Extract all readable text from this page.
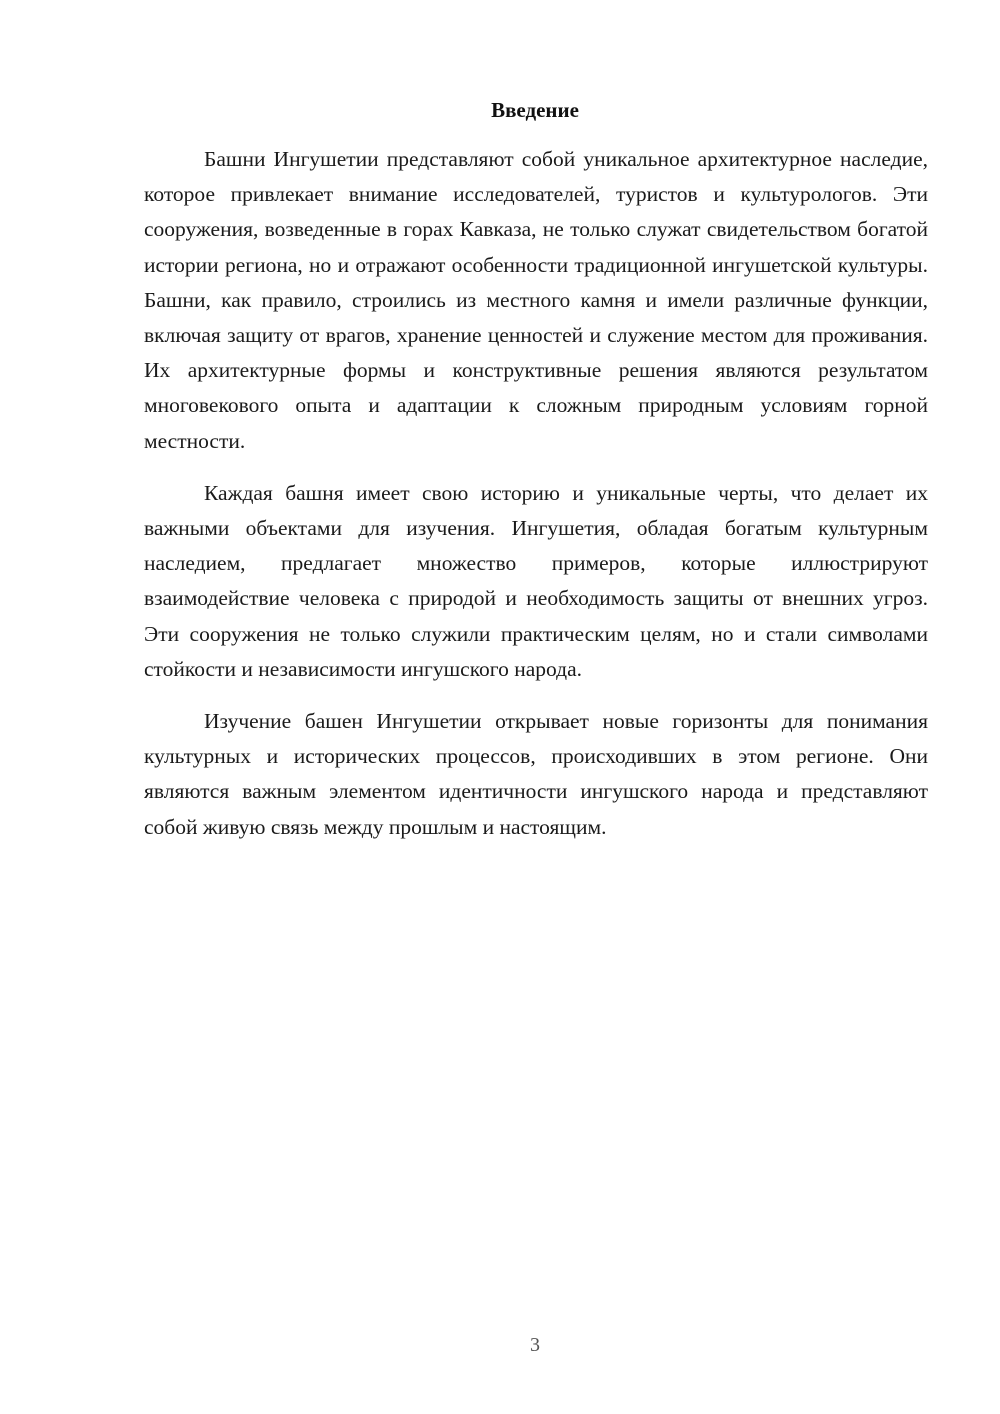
Введение

Башни Ингушетии представляют собой уникальное архитектурное наследие, которое привлекает внимание исследователей, туристов и культурологов. Эти сооружения, возведенные в горах Кавказа, не только служат свидетельством богатой истории региона, но и отражают особенности традиционной ингушетской культуры. Башни, как правило, строились из местного камня и имели различные функции, включая защиту от врагов, хранение ценностей и служение местом для проживания. Их архитектурные формы и конструктивные решения являются результатом многовекового опыта и адаптации к сложным природным условиям горной местности.

Каждая башня имеет свою историю и уникальные черты, что делает их важными объектами для изучения. Ингушетия, обладая богатым культурным наследием, предлагает множество примеров, которые иллюстрируют взаимодействие человека с природой и необходимость защиты от внешних угроз. Эти сооружения не только служили практическим целям, но и стали символами стойкости и независимости ингушского народа.

Изучение башен Ингушетии открывает новые горизонты для понимания культурных и исторических процессов, происходивших в этом регионе. Они являются важным элементом идентичности ингушского народа и представляют собой живую связь между прошлым и настоящим.

3
